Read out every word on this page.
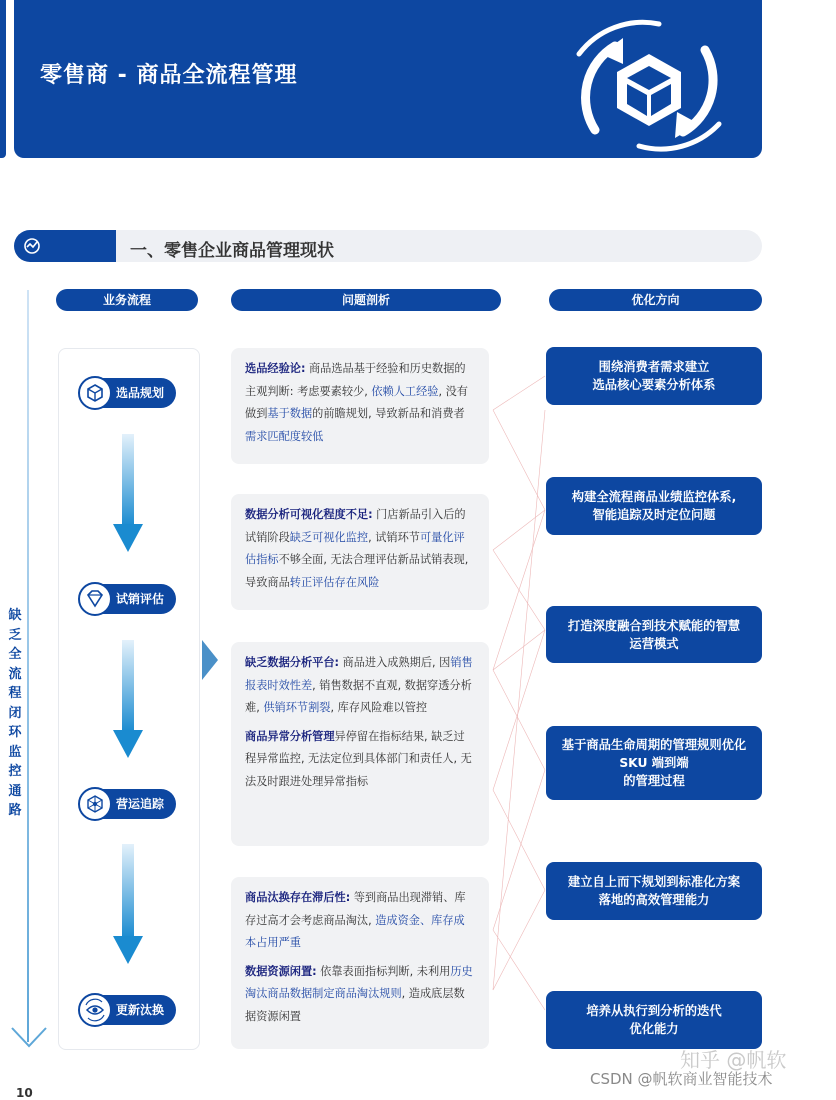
零售商 - 商品全流程管理
一、零售企业商品管理现状
业务流程	问题剖析	优化方向
缺乏全流程闭环监控通路
选品规划
试销评估
营运追踪
更新汰换

选品经验论: 商品选品基于经验和历史数据的主观判断: 考虑要素较少, 依赖人工经验, 没有做到基于数据的前瞻规划, 导致新品和消费者需求匹配度较低

数据分析可视化程度不足: 门店新品引入后的试销阶段缺乏可视化监控, 试销环节可量化评估指标不够全面, 无法合理评估新品试销表现, 导致商品转正评估存在风险

缺乏数据分析平台: 商品进入成熟期后, 因销售报表时效性差, 销售数据不直观, 数据穿透分析难, 供销环节割裂, 库存风险难以管控

商品异常分析管理异停留在指标结果, 缺乏过程异常监控, 无法定位到具体部门和责任人, 无法及时跟进处理异常指标

商品汰换存在滞后性: 等到商品出现滞销、库存过高才会考虑商品淘汰, 造成资金、库存成本占用严重

数据资源闲置: 依靠表面指标判断, 未利用历史淘汰商品数据制定商品淘汰规则, 造成底层数据资源闲置

围绕消费者需求建立
选品核心要素分析体系
构建全流程商品业绩监控体系,
智能追踪及时定位问题
打造深度融合到技术赋能的智慧
运营模式
基于商品生命周期的管理规则优化
SKU 端到端
的管理过程
建立自上而下规划到标准化方案
落地的高效管理能力
培养从执行到分析的迭代
优化能力
10
知乎 @帆软
CSDN @帆软商业智能技术
